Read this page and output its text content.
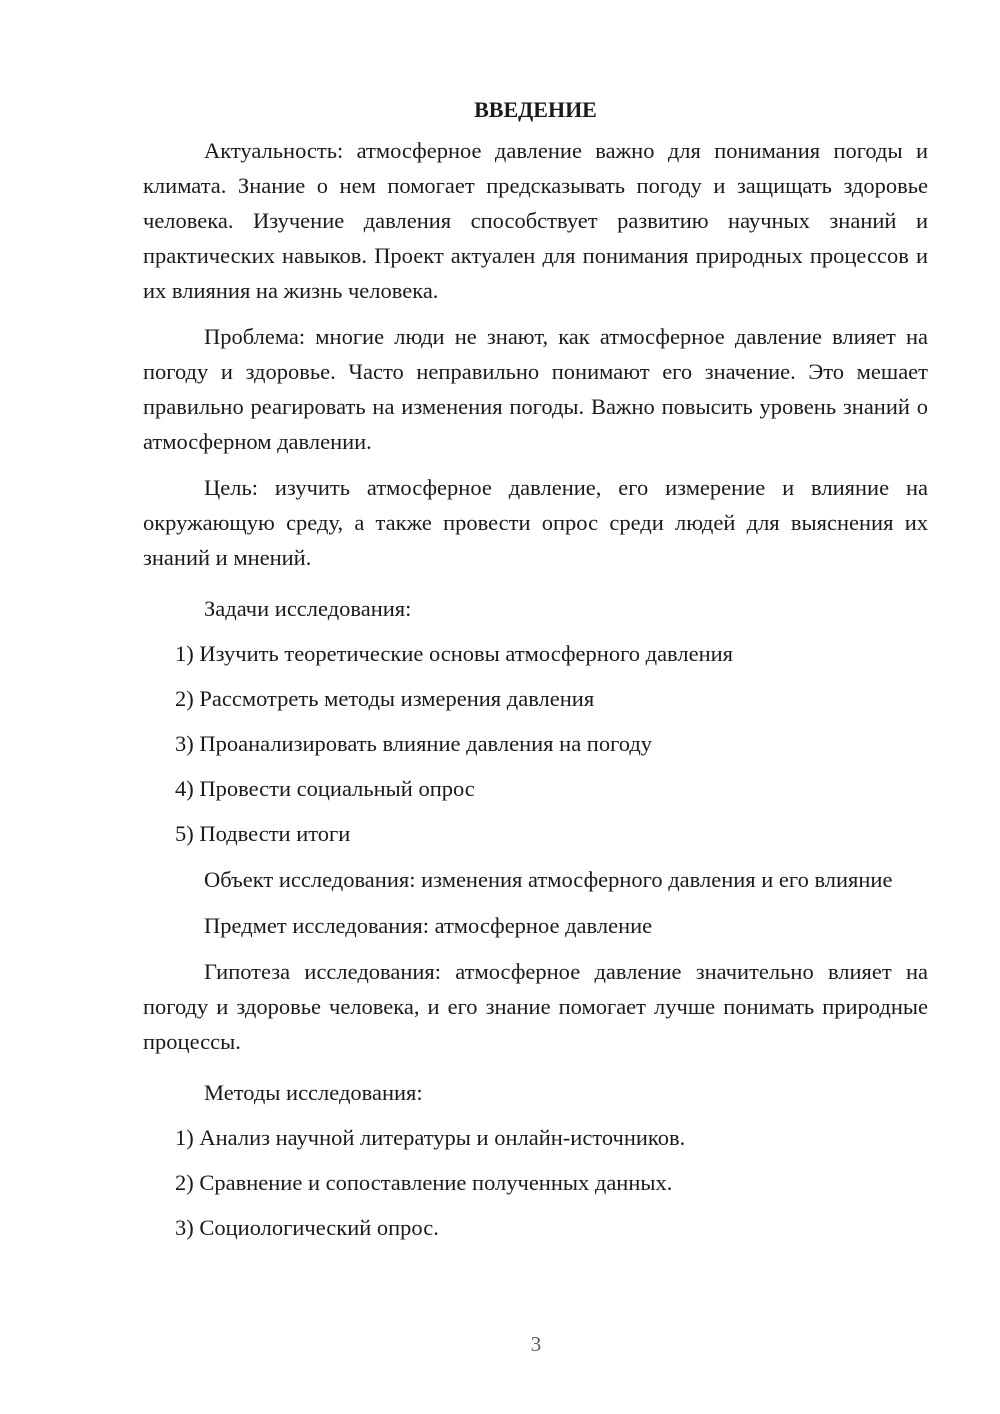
ВВЕДЕНИЕ

Актуальность: атмосферное давление важно для понимания погоды и климата. Знание о нем помогает предсказывать погоду и защищать здоровье человека. Изучение давления способствует развитию научных знаний и практических навыков. Проект актуален для понимания природных процессов и их влияния на жизнь человека.

Проблема: многие люди не знают, как атмосферное давление влияет на погоду и здоровье. Часто неправильно понимают его значение. Это мешает правильно реагировать на изменения погоды. Важно повысить уровень знаний о атмосферном давлении.

Цель: изучить атмосферное давление, его измерение и влияние на окружающую среду, а также провести опрос среди людей для выяснения их знаний и мнений.

Задачи исследования:

1) Изучить теоретические основы атмосферного давления
2) Рассмотреть методы измерения давления
3) Проанализировать влияние давления на погоду
4) Провести социальный опрос
5) Подвести итоги

Объект исследования: изменения атмосферного давления и его влияние

Предмет исследования: атмосферное давление

Гипотеза исследования: атмосферное давление значительно влияет на погоду и здоровье человека, и его знание помогает лучше понимать природные процессы.

Методы исследования:

1) Анализ научной литературы и онлайн-источников.
2) Сравнение и сопоставление полученных данных.
3) Социологический опрос.
3
